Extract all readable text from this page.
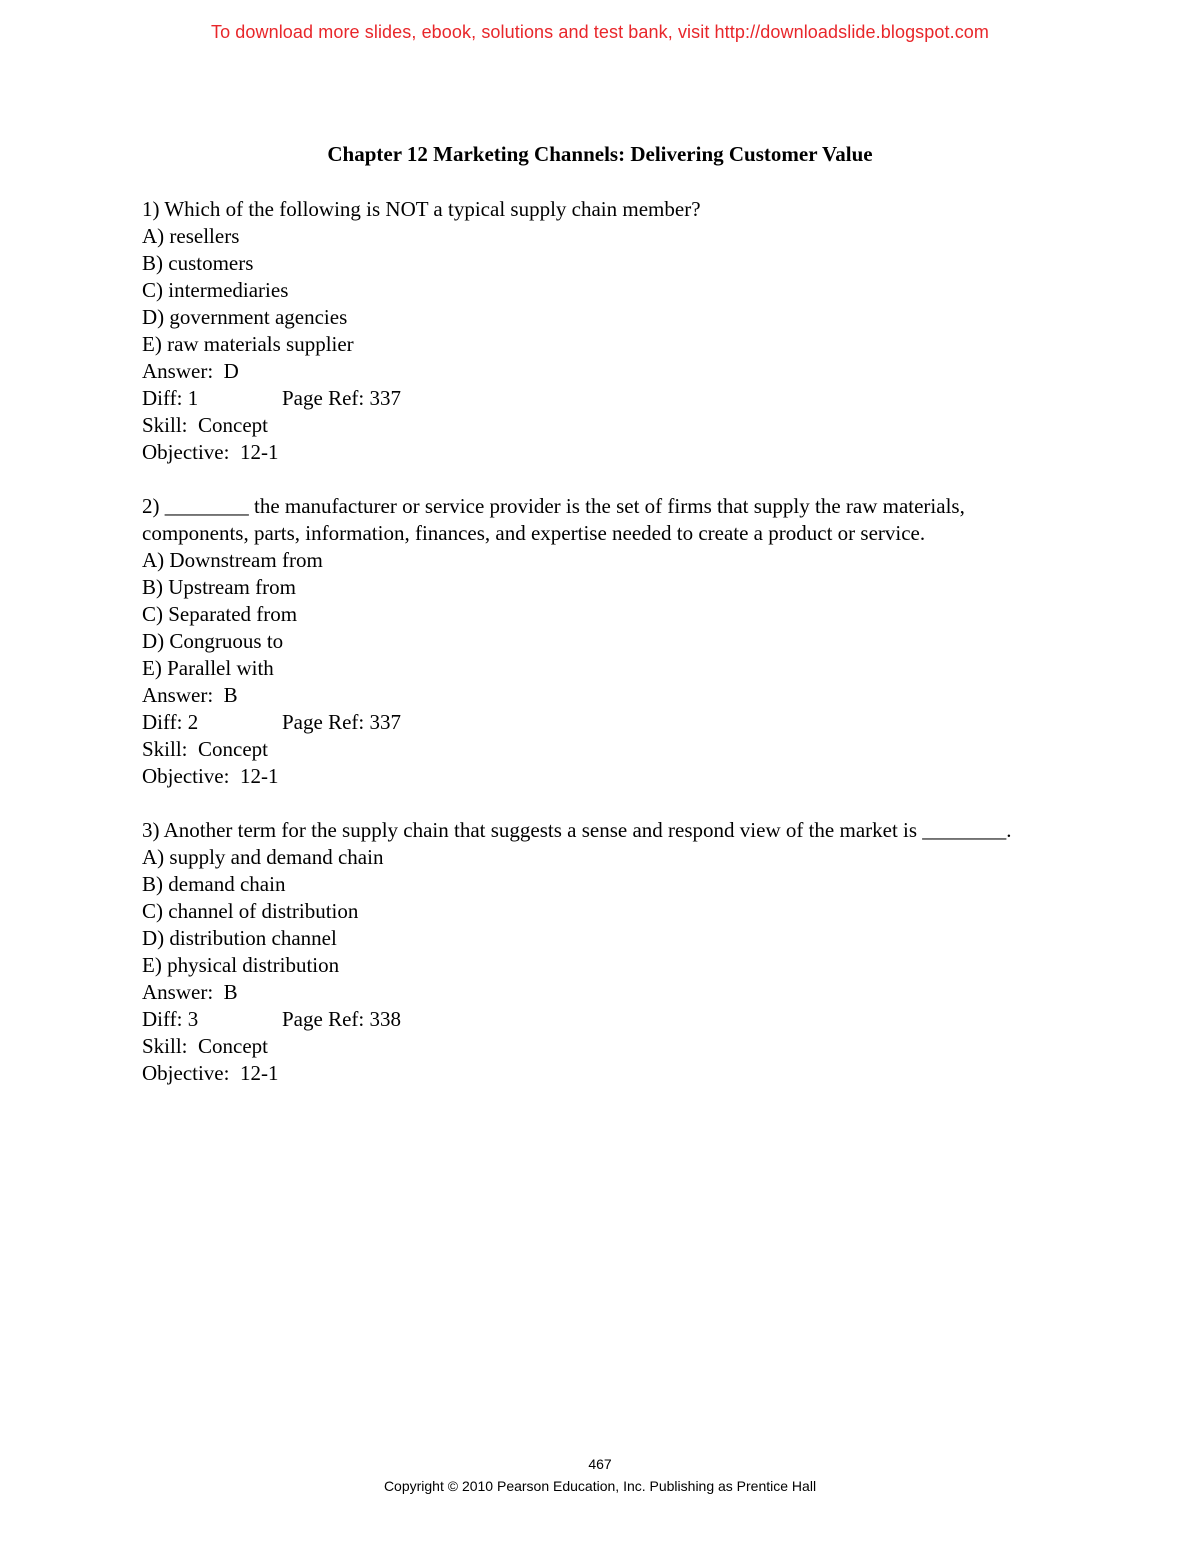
To download more slides, ebook, solutions and test bank, visit http://downloadslide.blogspot.com
Chapter 12 Marketing Channels: Delivering Customer Value
1) Which of the following is NOT a typical supply chain member?
A) resellers
B) customers
C) intermediaries
D) government agencies
E) raw materials supplier
Answer:  D
Diff: 1	Page Ref: 337
Skill:  Concept
Objective:  12-1
2) ________ the manufacturer or service provider is the set of firms that supply the raw materials, components, parts, information, finances, and expertise needed to create a product or service.
A) Downstream from
B) Upstream from
C) Separated from
D) Congruous to
E) Parallel with
Answer:  B
Diff: 2	Page Ref: 337
Skill:  Concept
Objective:  12-1
3) Another term for the supply chain that suggests a sense and respond view of the market is ________.
A) supply and demand chain
B) demand chain
C) channel of distribution
D) distribution channel
E) physical distribution
Answer:  B
Diff: 3	Page Ref: 338
Skill:  Concept
Objective:  12-1
467
Copyright © 2010 Pearson Education, Inc. Publishing as Prentice Hall
